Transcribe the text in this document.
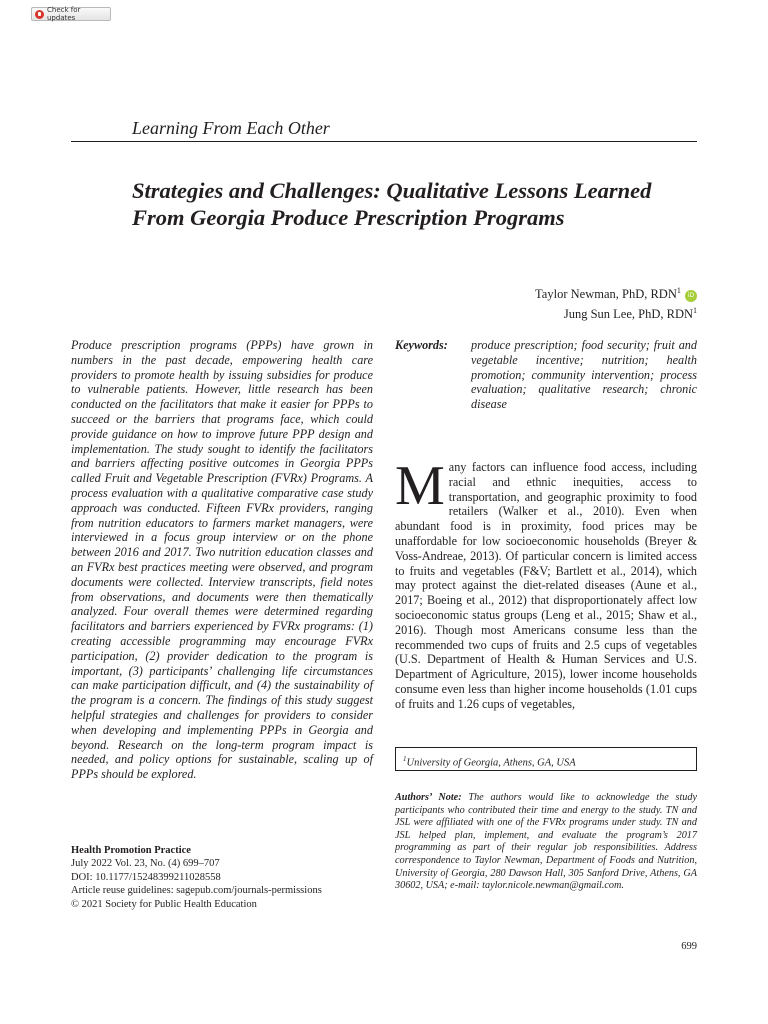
Check for updates
Learning From Each Other
Strategies and Challenges: Qualitative Lessons Learned From Georgia Produce Prescription Programs
Taylor Newman, PhD, RDN$^1$ iD
Jung Sun Lee, PhD, RDN$^1$

Produce prescription programs (PPPs) have grown in numbers in the past decade, empowering health care providers to promote health by issuing subsidies for produce to vulnerable patients. However, little research has been conducted on the facilitators that make it easier for PPPs to succeed or the barriers that programs face, which could provide guidance on how to improve future PPP design and implementation. The study sought to identify the facilitators and barriers affecting positive outcomes in Georgia PPPs called Fruit and Vegetable Prescription (FVRx) Programs. A process evaluation with a qualitative comparative case study approach was conducted. Fifteen FVRx providers, ranging from nutrition educators to farmers market managers, were interviewed in a focus group interview or on the phone between 2016 and 2017. Two nutrition education classes and an FVRx best practices meeting were observed, and program documents were collected. Interview transcripts, field notes from observations, and documents were then thematically analyzed. Four overall themes were determined regarding facilitators and barriers experienced by FVRx programs: (1) creating accessible programming may encourage FVRx participation, (2) provider dedication to the program is important, (3) participants’ challenging life circumstances can make participation difficult, and (4) the sustainability of the program is a concern. The findings of this study suggest helpful strategies and challenges for providers to consider when developing and implementing PPPs in Georgia and beyond. Research on the long-term program impact is needed, and policy options for sustainable, scaling up of PPPs should be explored.

Keywords:	produce prescription; food security; fruit and vegetable incentive; nutrition; health promotion; community intervention; process evaluation; qualitative research; chronic disease

Many factors can influence food access, including racial and ethnic inequities, access to transportation, and geographic proximity to food retailers (Walker et al., 2010). Even when abundant food is in proximity, food prices may be unaffordable for low socioeconomic households (Breyer & Voss-Andreae, 2013). Of particular concern is limited access to fruits and vegetables (F&V; Bartlett et al., 2014), which may protect against the diet-related diseases (Aune et al., 2017; Boeing et al., 2012) that disproportionately affect low socioeconomic status groups (Leng et al., 2015; Shaw et al., 2016). Though most Americans consume less than the recommended two cups of fruits and 2.5 cups of vegetables (U.S. Department of Health & Human Services and U.S. Department of Agriculture, 2015), lower income households consume even less than higher income households (1.01 cups of fruits and 1.26 cups of vegetables,

$^1$University of Georgia, Athens, GA, USA

Authors’ Note: The authors would like to acknowledge the study participants who contributed their time and energy to the study. TN and JSL were affiliated with one of the FVRx programs under study. TN and JSL helped plan, implement, and evaluate the program’s 2017 programming as part of their regular job responsibilities. Address correspondence to Taylor Newman, Department of Foods and Nutrition, University of Georgia, 280 Dawson Hall, 305 Sanford Drive, Athens, GA 30602, USA; e-mail: taylor.nicole.newman@gmail.com.

Health Promotion Practice
July 2022 Vol. 23, No. (4) 699–707
DOI: 10.1177/15248399211028558
Article reuse guidelines: sagepub.com/journals-permissions
© 2021 Society for Public Health Education
699
